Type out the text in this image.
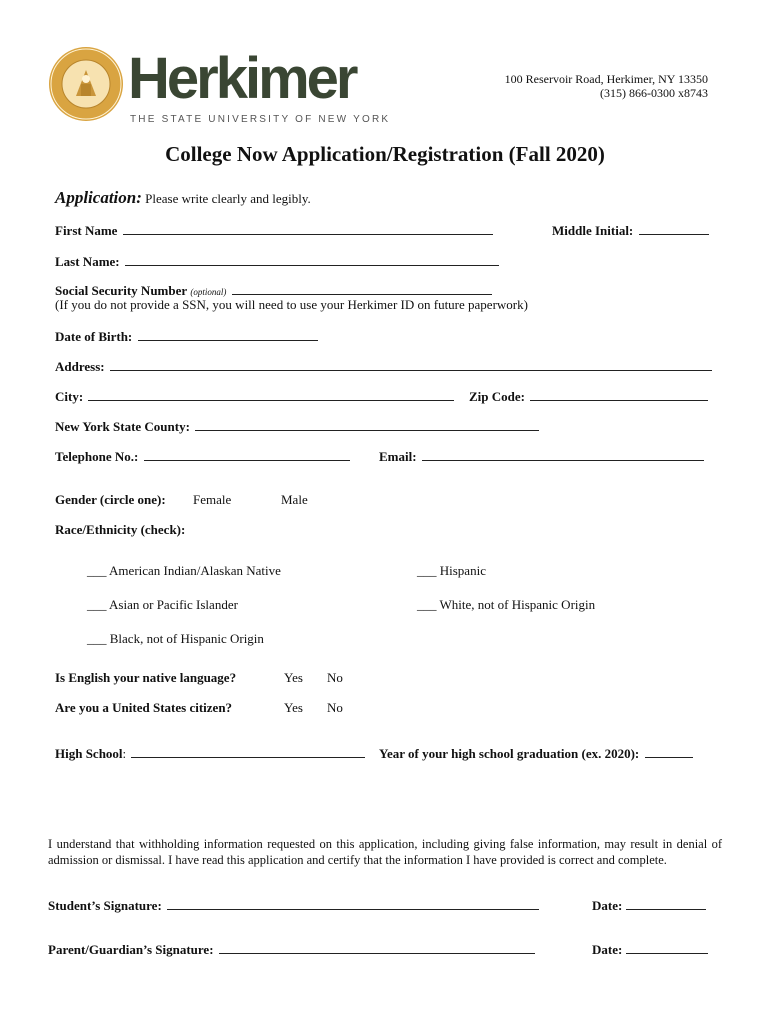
Herkimer
THE STATE UNIVERSITY OF NEW YORK
100 Reservoir Road, Herkimer, NY 13350
(315) 866-0300 x8743
College Now Application/Registration (Fall 2020)
Application: Please write clearly and legibly.
First Name	Middle Initial:
Last Name:
Social Security Number (optional)
(If you do not provide a SSN, you will need to use your Herkimer ID on future paperwork)
Date of Birth:
Address:
City:	Zip Code:
New York State County:
Telephone No.:	Email:
Gender (circle one): Female	Male
Race/Ethnicity (check):
___ American Indian/Alaskan Native	___ Hispanic
___ Asian or Pacific Islander	___ White, not of Hispanic Origin
___ Black, not of Hispanic Origin
Is English your native language?	Yes No
Are you a United States citizen?	Yes No
High School:	Year of your high school graduation (ex. 2020):
I understand that withholding information requested on this application, including giving false information, may result in denial of admission or dismissal. I have read this application and certify that the information I have provided is correct and complete.
Student’s Signature:	Date:
Parent/Guardian’s Signature:	Date:
